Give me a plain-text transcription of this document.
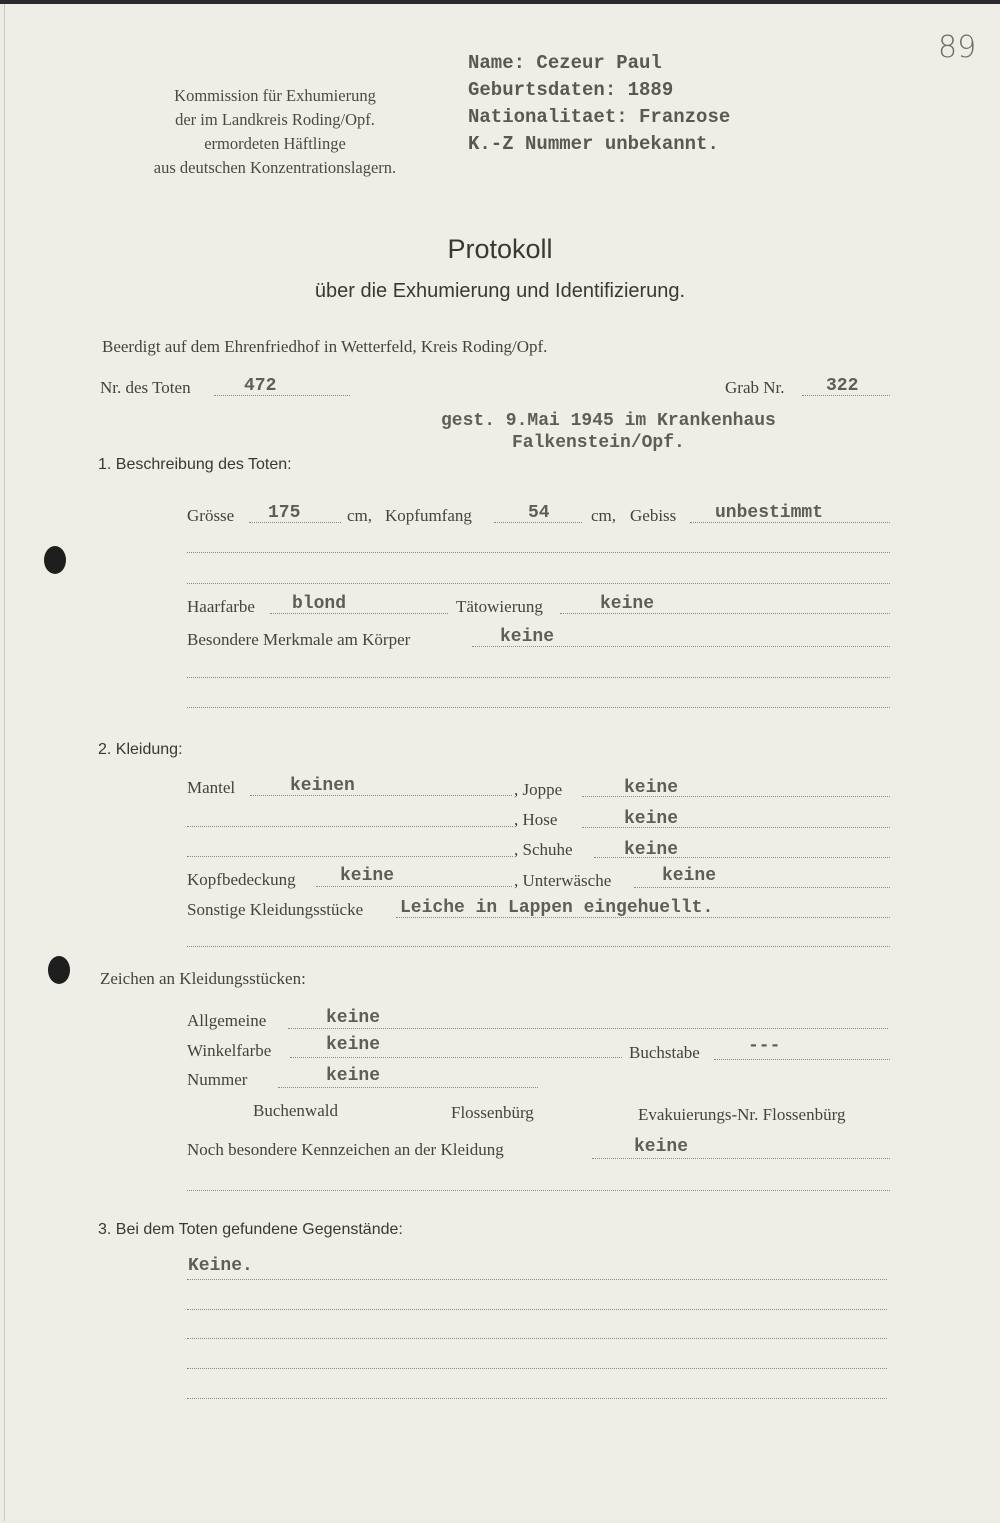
89
Kommission für Exhumierung
der im Landkreis Roding/Opf.
ermordeten Häftlinge
aus deutschen Konzentrationslagern.
Name: Cezeur Paul
Geburtsdaten: 1889
Nationalitaet: Franzose
K.-Z Nummer unbekannt.
Protokoll
über die Exhumierung und Identifizierung.
Beerdigt auf dem Ehrenfriedhof in Wetterfeld, Kreis Roding/Opf.
Nr. des Toten	472	Grab Nr. 322
gest. 9.Mai 1945 im Krankenhaus
Falkenstein/Opf.
1. Beschreibung des Toten:
Grösse 175	cm, Kopfumfang	54 cm, Gebiss unbestimmt
Haarfarbe blond	Tätowierung	keine
Besondere Merkmale am Körper	keine
2. Kleidung:
Mantel	keinen	, Joppe	keine
, Hose	keine
, Schuhe	keine
Kopfbedeckung keine	, Unterwäsche	keine
Sonstige Kleidungsstücke Leiche in Lappen eingehuellt.
Zeichen an Kleidungsstücken:
Allgemeine	keine
Winkelfarbe	keine	Buchstabe	---
Nummer	keine
Buchenwald	Flossenbürg	Evakuierungs-Nr. Flossenbürg
Noch besondere Kennzeichen an der Kleidung	keine
3. Bei dem Toten gefundene Gegenstände:
Keine.
